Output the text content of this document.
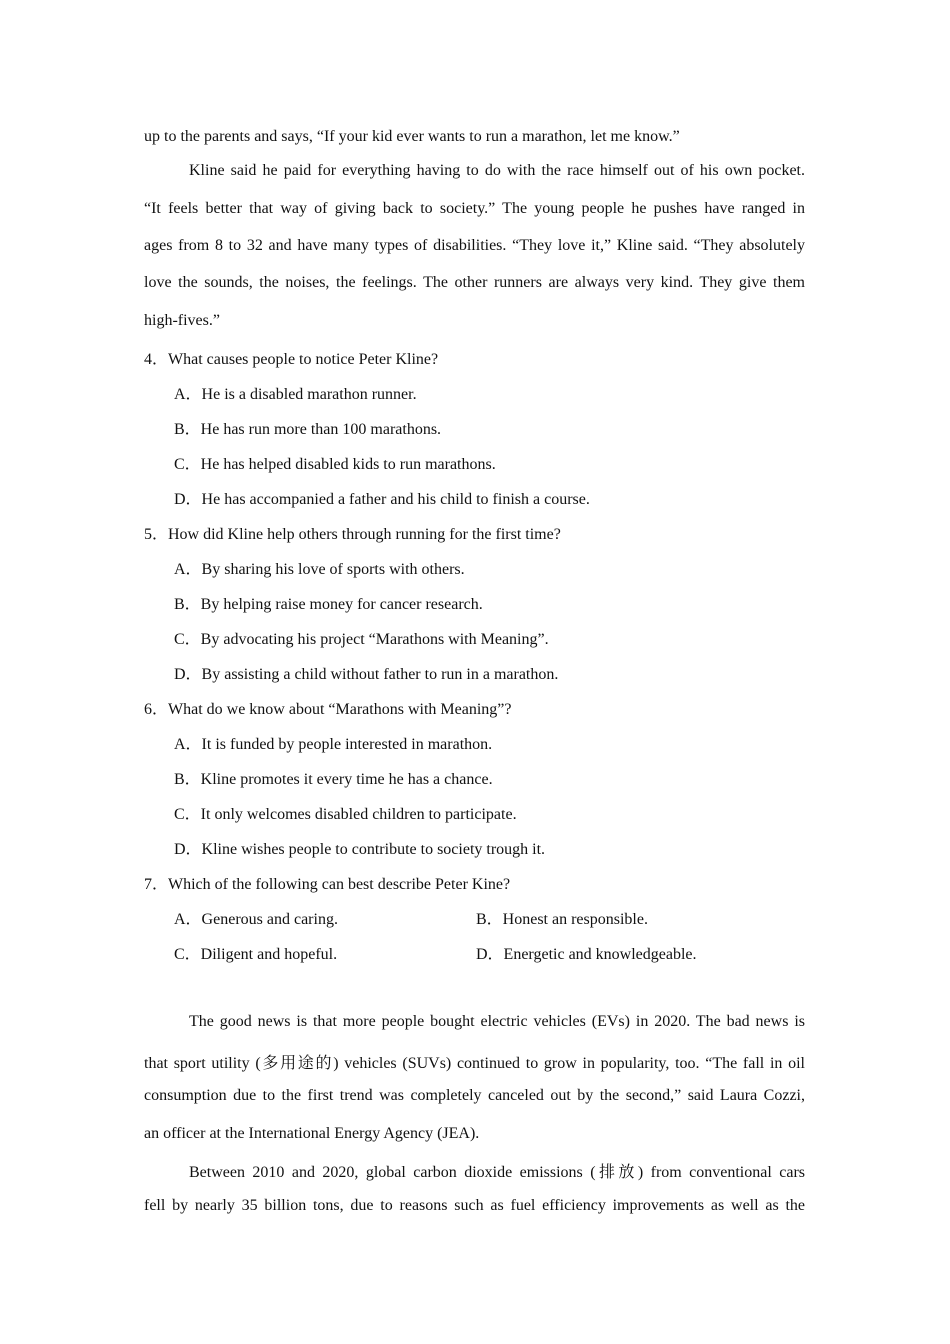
up to the parents and says, “If your kid ever wants to run a marathon, let me know.”
Kline said he paid for everything having to do with the race himself out of his own pocket.
“It feels better that way of giving back to society.” The young people he pushes have ranged in
ages from 8 to 32 and have many types of disabilities. “They love it,” Kline said. “They absolutely
love the sounds, the noises, the feelings. The other runners are always very kind. They give them
high-fives.”
4．What causes people to notice Peter Kline?
A．He is a disabled marathon runner.
B．He has run more than 100 marathons.
C．He has helped disabled kids to run marathons.
D．He has accompanied a father and his child to finish a course.
5．How did Kline help others through running for the first time?
A．By sharing his love of sports with others.
B．By helping raise money for cancer research.
C．By advocating his project “Marathons with Meaning”.
D．By assisting a child without father to run in a marathon.
6．What do we know about “Marathons with Meaning”?
A．It is funded by people interested in marathon.
B．Kline promotes it every time he has a chance.
C．It only welcomes disabled children to participate.
D．Kline wishes people to contribute to society trough it.
7．Which of the following can best describe Peter Kine?
A．Generous and caring.	B．Honest an responsible.
C．Diligent and hopeful.	D．Energetic and knowledgeable.
The good news is that more people bought electric vehicles (EVs) in 2020. The bad news is
that sport utility (多用途的) vehicles (SUVs) continued to grow in popularity, too. “The fall in oil
consumption due to the first trend was completely canceled out by the second,” said Laura Cozzi,
an officer at the International Energy Agency (JEA).
Between 2010 and 2020, global carbon dioxide emissions (排放) from conventional cars
fell by nearly 35 billion tons, due to reasons such as fuel efficiency improvements as well as the
